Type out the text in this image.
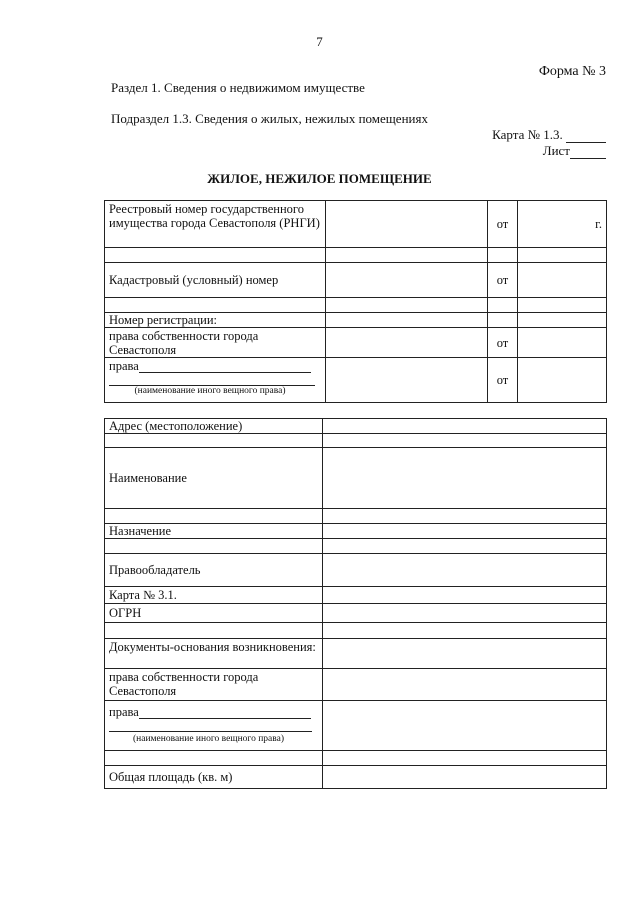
7
Форма № 3
Раздел 1. Сведения о недвижимом имуществе
Подраздел 1.3. Сведения о жилых, нежилых помещениях
Карта № 1.3.
Лист
ЖИЛОЕ, НЕЖИЛОЕ ПОМЕЩЕНИЕ
Реестровый номер государственного имущества города Севастополя (РНГИ)		от	г.

Кадастровый (условный) номер		от	

Номер регистрации:			
права собственности города Севастополя		от	

права
(наименование иного вещного права)		от	
Адрес (местоположение)	

Наименование	

Назначение	

Правообладатель	
Карта № 3.1.	
ОГРН	

Документы-основания возникновения:	
права собственности города Севастополя	

права
(наименование иного вещного права)	

Общая площадь (кв. м)	
